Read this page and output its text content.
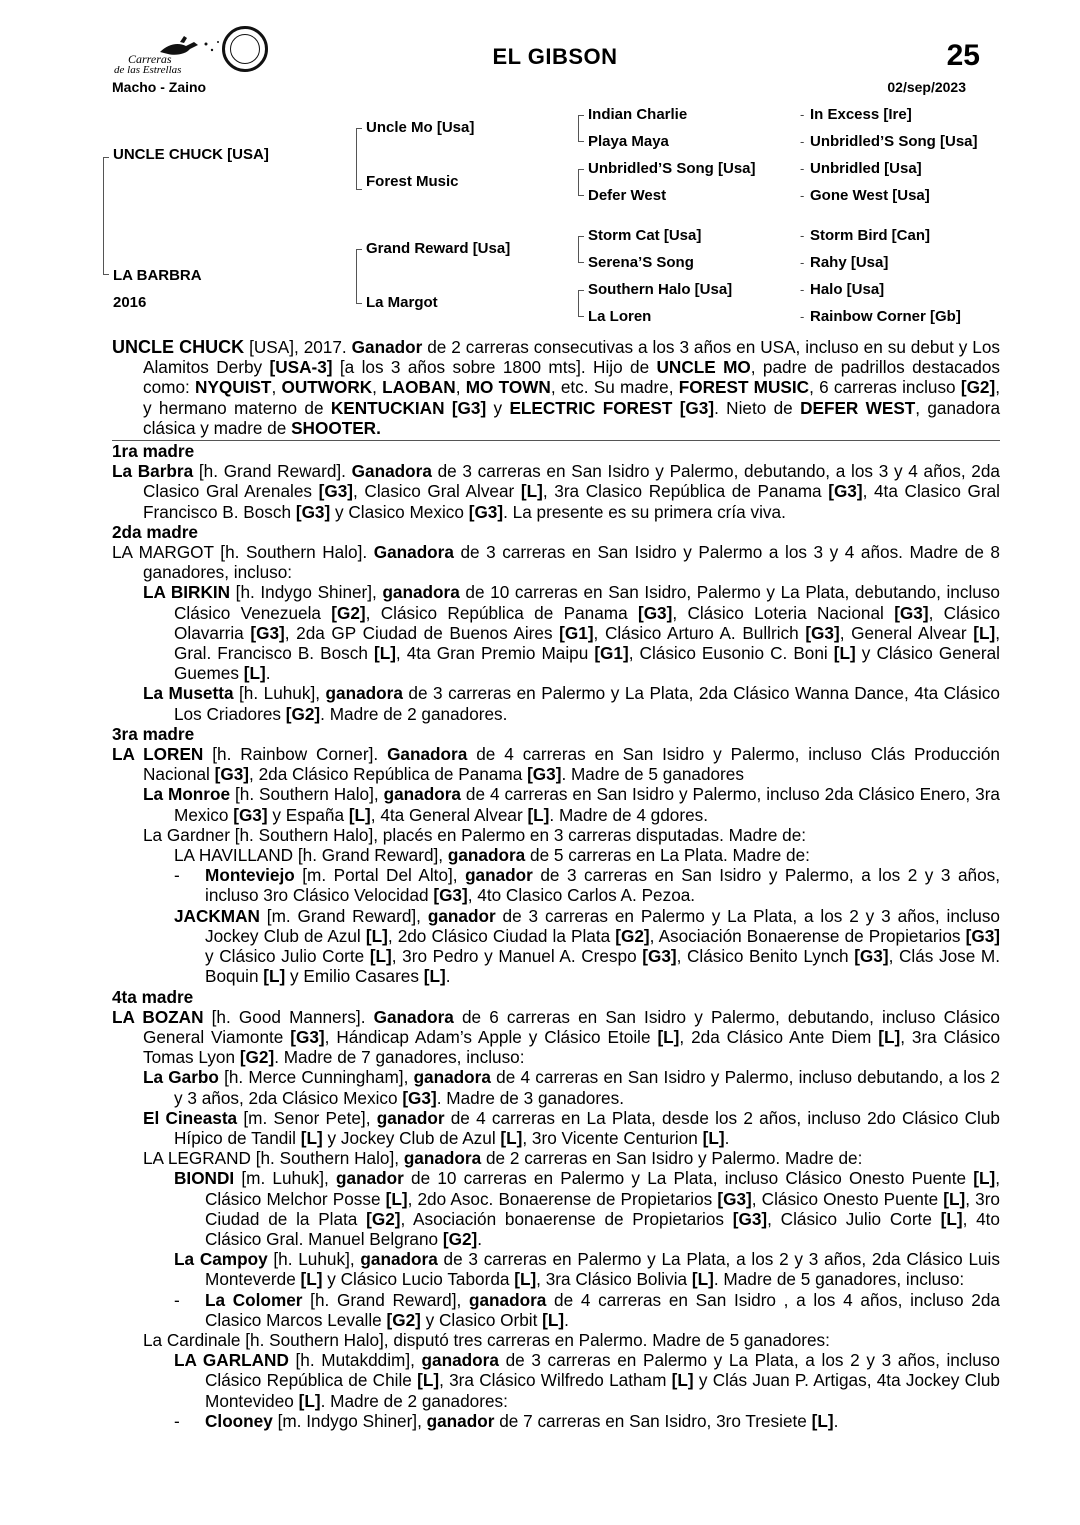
Carreras
de las Estrellas
EL GIBSON	25
Macho - Zaino	02/sep/2023
UNCLE CHUCK [USA]
LA BARBRA
2016
Uncle Mo [Usa]
Forest Music
Grand Reward [Usa]
La Margot
Indian Charlie
Playa Maya
Unbridled’S Song [Usa]
Defer West
Storm Cat [Usa]
Serena’S Song
Southern Halo [Usa]
La Loren
-
-
-
-
-
-
-
-
In Excess [Ire]
Unbridled’S Song [Usa]
Unbridled [Usa]
Gone West [Usa]
Storm Bird [Can]
Rahy [Usa]
Halo [Usa]
Rainbow Corner [Gb]

UNCLE CHUCK [USA], 2017. Ganador de 2 carreras consecutivas a los 3 años en USA, incluso en su debut y Los Alamitos Derby [USA-3] [a los 3 años sobre 1800 mts]. Hijo de UNCLE MO, padre de padrillos destacados como: NYQUIST, OUTWORK, LAOBAN, MO TOWN, etc. Su madre, FOREST MUSIC, 6 carreras incluso [G2], y hermano materno de KENTUCKIAN [G3] y ELECTRIC FOREST [G3]. Nieto de DEFER WEST, ganadora clásica y madre de SHOOTER.

1ra madre

La Barbra [h. Grand Reward]. Ganadora de 3 carreras en San Isidro y Palermo, debutando, a los 3 y 4 años, 2da Clasico Gral Arenales [G3], Clasico Gral Alvear [L], 3ra Clasico República de Panama [G3], 4ta Clasico Gral Francisco B. Bosch [G3] y Clasico Mexico [G3]. La presente es su primera cría viva.

2da madre

LA MARGOT [h. Southern Halo]. Ganadora de 3 carreras en San Isidro y Palermo a los 3 y 4 años. Madre de 8 ganadores, incluso:

LA BIRKIN [h. Indygo Shiner], ganadora de 10 carreras en San Isidro, Palermo y La Plata, debutando, incluso Clásico Venezuela [G2], Clásico República de Panama [G3], Clásico Loteria Nacional [G3], Clásico Olavarria [G3], 2da GP Ciudad de Buenos Aires [G1], Clásico Arturo A. Bullrich [G3], General Alvear [L], Gral. Francisco B. Bosch [L], 4ta Gran Premio Maipu [G1], Clásico Eusonio C. Boni [L] y Clásico General Guemes [L].

La Musetta [h. Luhuk], ganadora de 3 carreras en Palermo y La Plata, 2da Clásico Wanna Dance, 4ta Clásico Los Criadores [G2]. Madre de 2 ganadores.

3ra madre

LA LOREN [h. Rainbow Corner]. Ganadora de 4 carreras en San Isidro y Palermo, incluso Clás Producción Nacional [G3], 2da Clásico República de Panama [G3]. Madre de 5 ganadores

La Monroe [h. Southern Halo], ganadora de 4 carreras en San Isidro y Palermo, incluso 2da Clásico Enero, 3ra Mexico [G3] y España [L], 4ta General Alvear [L]. Madre de 4 gdores.

La Gardner [h. Southern Halo], placés en Palermo en 3 carreras disputadas. Madre de:

LA HAVILLAND [h. Grand Reward], ganadora de 5 carreras en La Plata. Madre de:

- Monteviejo [m. Portal Del Alto], ganador de 3 carreras en San Isidro y Palermo, a los 2 y 3 años, incluso 3ro Clásico Velocidad [G3], 4to Clasico Carlos A. Pezoa.

JACKMAN [m. Grand Reward], ganador de 3 carreras en Palermo y La Plata, a los 2 y 3 años, incluso Jockey Club de Azul [L], 2do Clásico Ciudad la Plata [G2], Asociación Bonaerense de Propietarios [G3] y Clásico Julio Corte [L], 3ro Pedro y Manuel A. Crespo [G3], Clásico Benito Lynch [G3], Clás Jose M. Boquin [L] y Emilio Casares [L].

4ta madre

LA BOZAN [h. Good Manners]. Ganadora de 6 carreras en San Isidro y Palermo, debutando, incluso Clásico General Viamonte [G3], Hándicap Adam’s Apple y Clásico Etoile [L], 2da Clásico Ante Diem [L], 3ra Clásico Tomas Lyon [G2]. Madre de 7 ganadores, incluso:

La Garbo [h. Merce Cunningham], ganadora de 4 carreras en San Isidro y Palermo, incluso debutando, a los 2 y 3 años, 2da Clásico Mexico [G3]. Madre de 3 ganadores.

El Cineasta [m. Senor Pete], ganador de 4 carreras en La Plata, desde los 2 años, incluso 2do Clásico Club Hípico de Tandil [L] y Jockey Club de Azul [L], 3ro Vicente Centurion [L].

LA LEGRAND [h. Southern Halo], ganadora de 2 carreras en San Isidro y Palermo. Madre de:

BIONDI [m. Luhuk], ganador de 10 carreras en Palermo y La Plata, incluso Clásico Onesto Puente [L], Clásico Melchor Posse [L], 2do Asoc. Bonaerense de Propietarios [G3], Clásico Onesto Puente [L], 3ro Ciudad de la Plata [G2], Asociación bonaerense de Propietarios [G3], Clásico Julio Corte [L], 4to Clásico Gral. Manuel Belgrano [G2].

La Campoy [h. Luhuk], ganadora de 3 carreras en Palermo y La Plata, a los 2 y 3 años, 2da Clásico Luis Monteverde [L] y Clásico Lucio Taborda [L], 3ra Clásico Bolivia [L]. Madre de 5 ganadores, incluso:

- La Colomer [h. Grand Reward], ganadora de 4 carreras en San Isidro , a los 4 años, incluso 2da Clasico Marcos Levalle [G2] y Clasico Orbit [L].

La Cardinale [h. Southern Halo], disputó tres carreras en Palermo. Madre de 5 ganadores:

LA GARLAND [h. Mutakddim], ganadora de 3 carreras en Palermo y La Plata, a los 2 y 3 años, incluso Clásico República de Chile [L], 3ra Clásico Wilfredo Latham [L] y Clás Juan P. Artigas, 4ta Jockey Club Montevideo [L]. Madre de 2 ganadores:

- Clooney [m. Indygo Shiner], ganador de 7 carreras en San Isidro, 3ro Tresiete [L].
